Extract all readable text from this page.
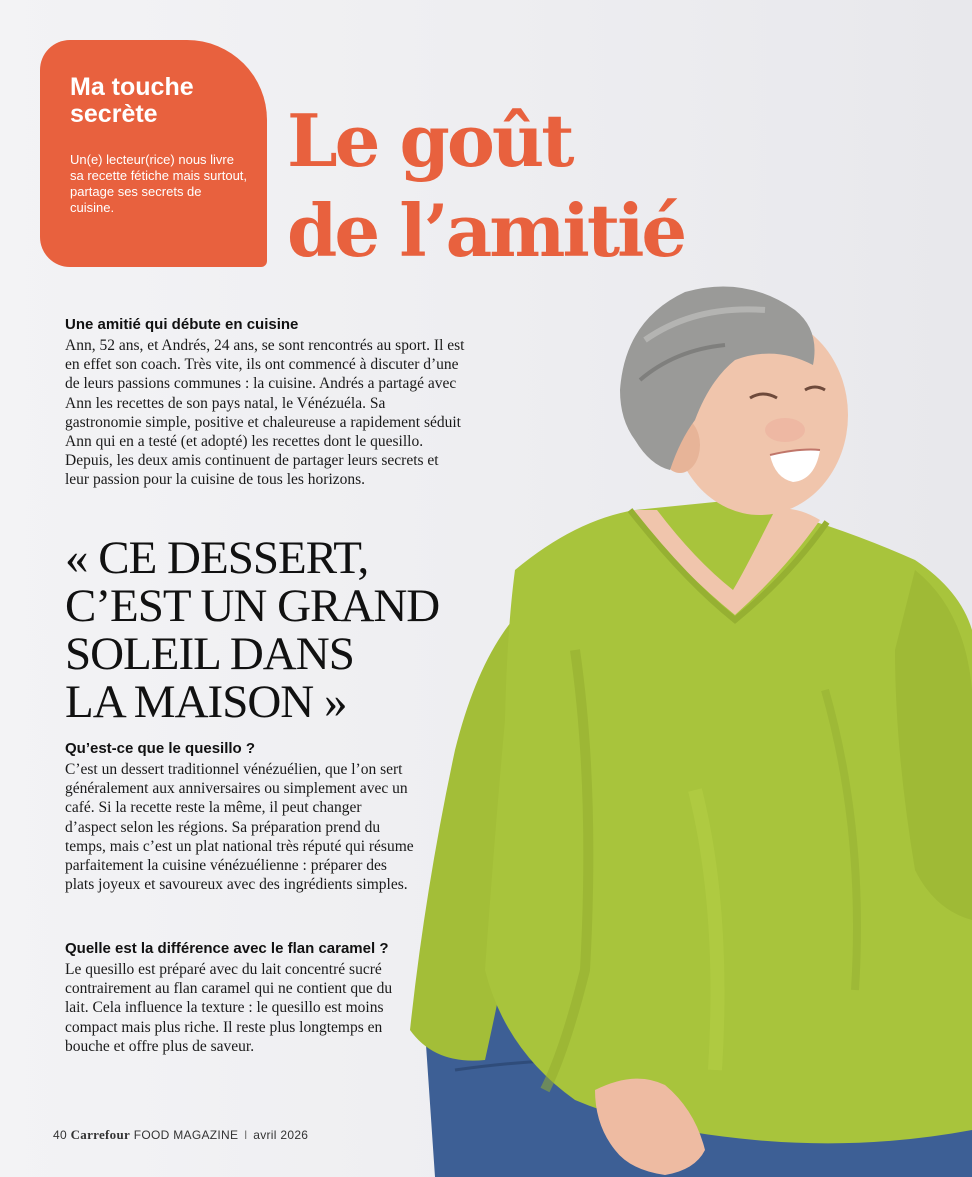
Ma touche
secrète
Un(e) lecteur(rice) nous livre sa recette fétiche mais surtout, partage ses secrets de cuisine.
Le goût
de l’amitié
Une amitié qui débute en cuisine

Ann, 52 ans, et Andrés, 24 ans, se sont rencontrés au sport. Il est en effet son coach. Très vite, ils ont commencé à discuter d’une de leurs passions communes : la cuisine. Andrés a partagé avec Ann les recettes de son pays natal, le Vénézuéla. Sa gastronomie simple, positive et chaleureuse a rapidement séduit Ann qui en a testé (et adopté) les recettes dont le quesillo. Depuis, les deux amis continuent de partager leurs secrets et leur passion pour la cuisine de tous les horizons.

« CE DESSERT,
C’EST UN GRAND
SOLEIL DANS
LA MAISON »
Qu’est-ce que le quesillo ?

C’est un dessert traditionnel vénézuélien, que l’on sert généralement aux anniversaires ou simplement avec un café. Si la recette reste la même, il peut changer d’aspect selon les régions. Sa préparation prend du temps, mais c’est un plat national très réputé qui résume parfaitement la cuisine vénézuélienne : préparer des plats joyeux et savoureux avec des ingrédients simples.

Quelle est la différence avec le flan caramel ?

Le quesillo est préparé avec du lait concentré sucré contrairement au flan caramel qui ne contient que du lait. Cela influence la texture : le quesillo est moins compact mais plus riche. Il reste plus longtemps en bouche et offre plus de saveur.

40 Carrefour FOOD MAGAZINE I avril 2026
